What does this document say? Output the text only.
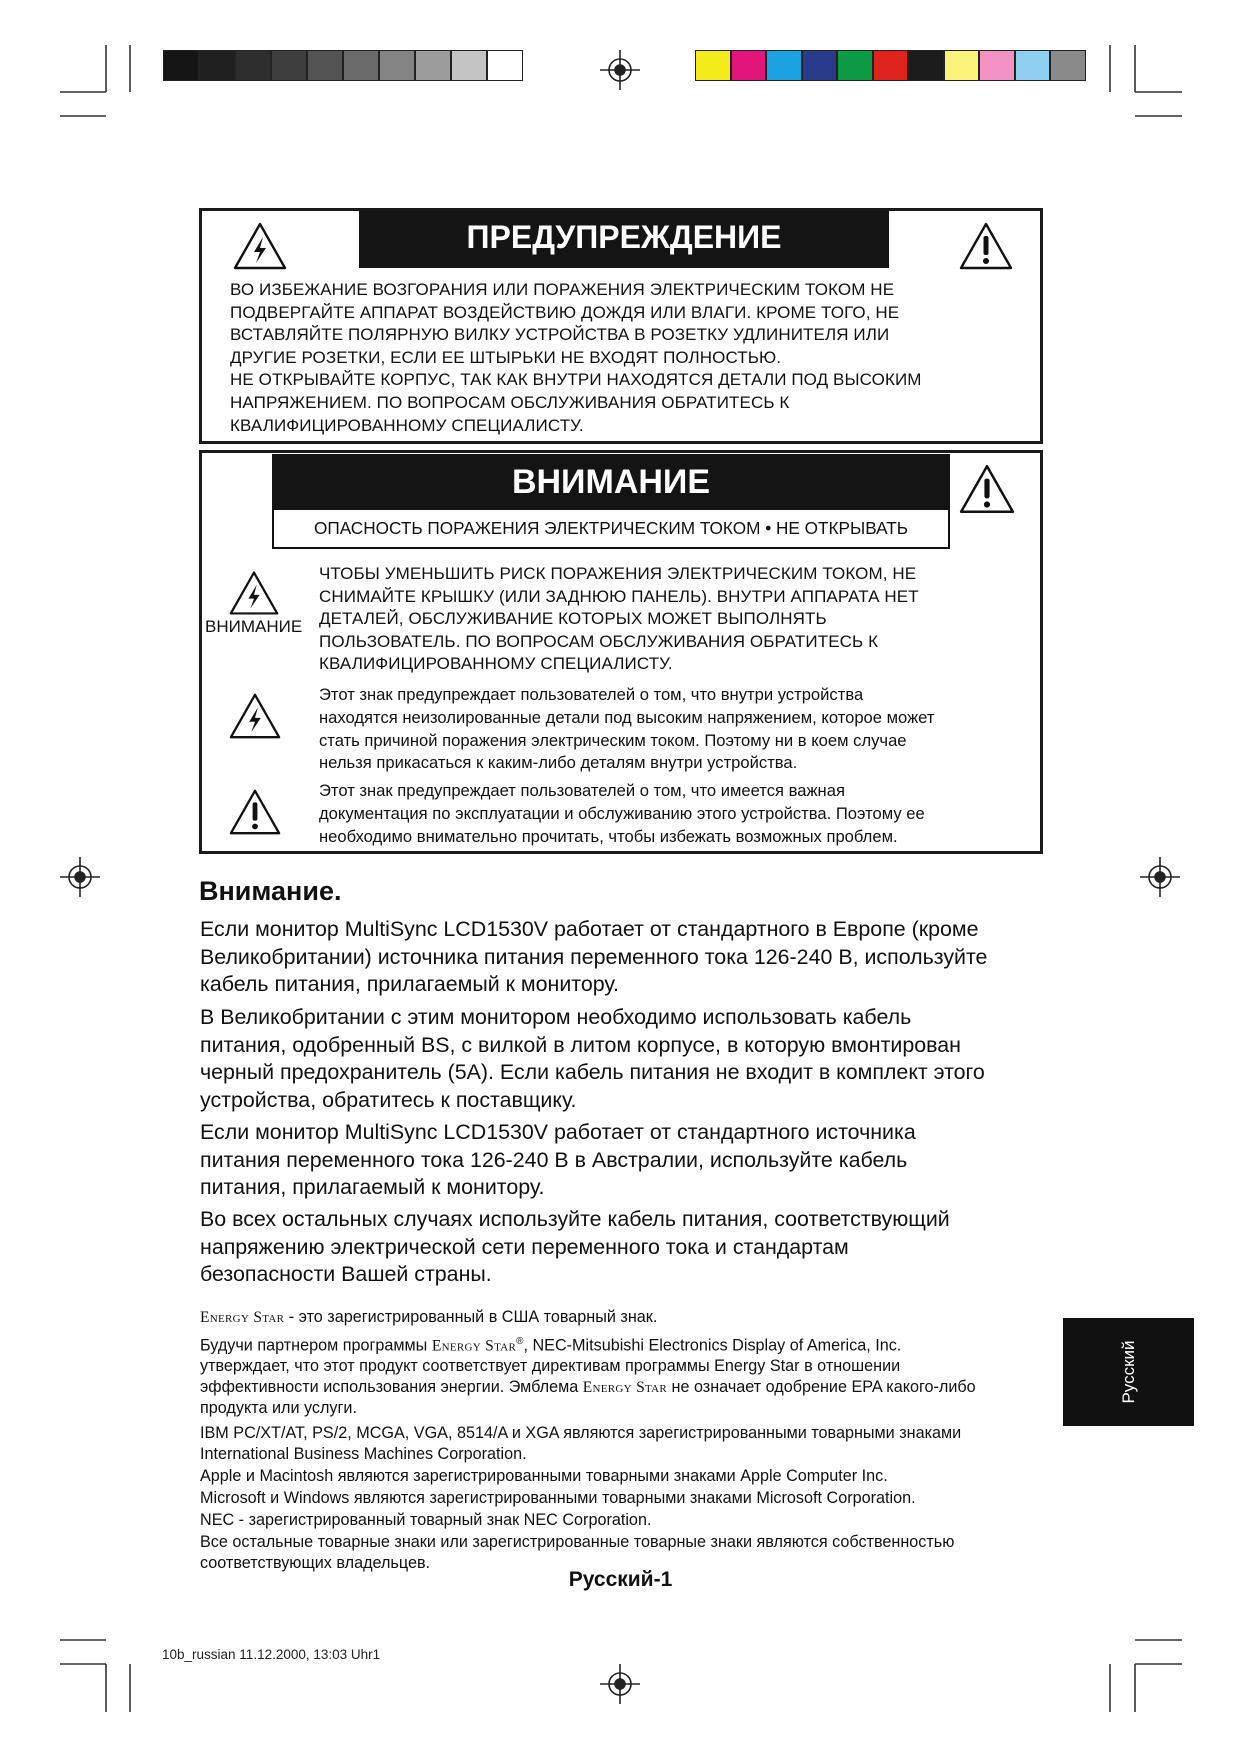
ПРЕДУПРЕЖДЕНИЕ
ВО ИЗБЕЖАНИЕ ВОЗГОРАНИЯ ИЛИ ПОРАЖЕНИЯ ЭЛЕКТРИЧЕСКИМ ТОКОМ НЕ
ПОДВЕРГАЙТЕ АППАРАТ ВОЗДЕЙСТВИЮ ДОЖДЯ ИЛИ ВЛАГИ. КРОМЕ ТОГО, НЕ
ВСТАВЛЯЙТЕ ПОЛЯРНУЮ ВИЛКУ УСТРОЙСТВА В РОЗЕТКУ УДЛИНИТЕЛЯ ИЛИ
ДРУГИЕ РОЗЕТКИ, ЕСЛИ ЕЕ ШТЫРЬКИ НЕ ВХОДЯТ ПОЛНОСТЬЮ.
НЕ ОТКРЫВАЙТЕ КОРПУС, ТАК КАК ВНУТРИ НАХОДЯТСЯ ДЕТАЛИ ПОД ВЫСОКИМ
НАПРЯЖЕНИЕМ. ПО ВОПРОСАМ ОБСЛУЖИВАНИЯ ОБРАТИТЕСЬ К
КВАЛИФИЦИРОВАННОМУ СПЕЦИАЛИСТУ.
ВНИМАНИЕ
ОПАСНОСТЬ ПОРАЖЕНИЯ ЭЛЕКТРИЧЕСКИМ ТОКОМ • НЕ ОТКРЫВАТЬ
ВНИМАНИЕ
ЧТОБЫ УМЕНЬШИТЬ РИСК ПОРАЖЕНИЯ ЭЛЕКТРИЧЕСКИМ ТОКОМ, НЕ
СНИМАЙТЕ КРЫШКУ (ИЛИ ЗАДНЮЮ ПАНЕЛЬ). ВНУТРИ АППАРАТА НЕТ
ДЕТАЛЕЙ, ОБСЛУЖИВАНИЕ КОТОРЫХ МОЖЕТ ВЫПОЛНЯТЬ
ПОЛЬЗОВАТЕЛЬ. ПО ВОПРОСАМ ОБСЛУЖИВАНИЯ ОБРАТИТЕСЬ К
КВАЛИФИЦИРОВАННОМУ СПЕЦИАЛИСТУ.
Этот знак предупреждает пользователей о том, что внутри устройства
находятся неизолированные детали под высоким напряжением, которое может
стать причиной поражения электрическим током. Поэтому ни в коем случае
нельзя прикасаться к каким-либо деталям внутри устройства.
Этот знак предупреждает пользователей о том, что имеется важная
документация по эксплуатации и обслуживанию этого устройства. Поэтому ее
необходимо внимательно прочитать, чтобы избежать возможных проблем.
Внимание.
Если монитор MultiSync LCD1530V работает от стандартного в Европе (кроме
Великобритании) источника питания переменного тока 126-240 В, используйте
кабель питания, прилагаемый к монитору.
В Великобритании с этим монитором необходимо использовать кабель
питания, одобренный BS, с вилкой в литом корпусе, в которую вмонтирован
черный предохранитель (5А). Если кабель питания не входит в комплект этого
устройства, обратитесь к поставщику.
Если монитор MultiSync LCD1530V работает от стандартного источника
питания переменного тока 126-240 В в Австралии, используйте кабель
питания, прилагаемый к монитору.
Во всех остальных случаях используйте кабель питания, соответствующий
напряжению электрической сети переменного тока и стандартам
безопасности Вашей страны.
Energy Star - это зарегистрированный в США товарный знак.
Будучи партнером программы Energy Star®, NEC-Mitsubishi Electronics Display of America, Inc.
утверждает, что этот продукт соответствует директивам программы Energy Star в отношении
эффективности использования энергии. Эмблема Energy Star не означает одобрение EPA какого-либо
продукта или услуги.
IBM PC/XT/AT, PS/2, MCGA, VGA, 8514/A и XGA являются зарегистрированными товарными знаками
International Business Machines Corporation.
Apple и Macintosh являются зарегистрированными товарными знаками Apple Computer Inc.
Microsoft и Windows являются зарегистрированными товарными знаками Microsoft Corporation.
NEC - зарегистрированный товарный знак NEC Corporation.
Все остальные товарные знаки или зарегистрированные товарные знаки являются собственностью
соответствующих владельцев.
Русский-1
Русский
10b_russian 11.12.2000, 13:03 Uhr1
